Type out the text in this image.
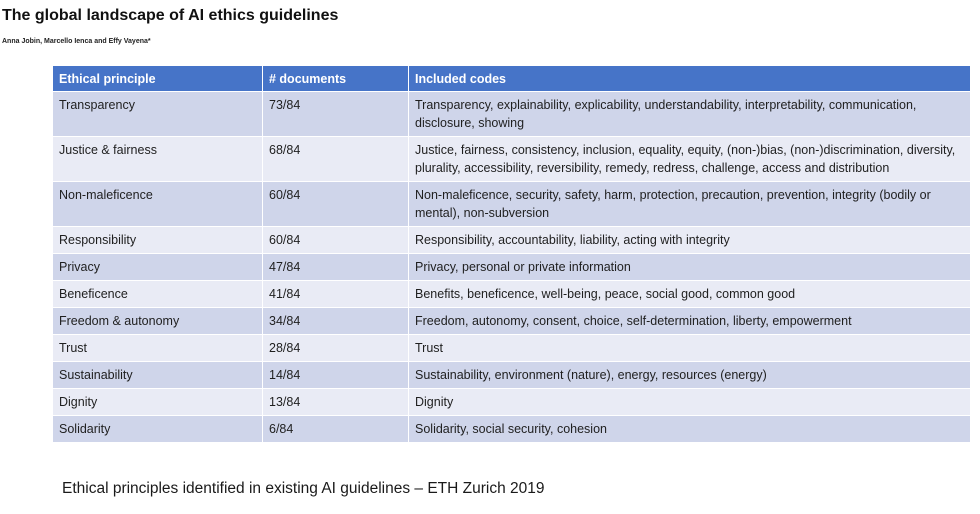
The global landscape of AI ethics guidelines
Anna Jobin, Marcello Ienca and Effy Vayena*
Ethical principle	# documents	Included codes
Transparency	73/84	Transparency, explainability, explicability, understandability, interpretability, communication, disclosure, showing
Justice & fairness	68/84	Justice, fairness, consistency, inclusion, equality, equity, (non-)bias, (non-)discrimination, diversity, plurality, accessibility, reversibility, remedy, redress, challenge, access and distribution
Non-maleficence	60/84	Non-maleficence, security, safety, harm, protection, precaution, prevention, integrity (bodily or mental), non-subversion
Responsibility	60/84	Responsibility, accountability, liability, acting with integrity
Privacy	47/84	Privacy, personal or private information
Beneficence	41/84	Benefits, beneficence, well-being, peace, social good, common good
Freedom & autonomy	34/84	Freedom, autonomy, consent, choice, self-determination, liberty, empowerment
Trust	28/84	Trust
Sustainability	14/84	Sustainability, environment (nature), energy, resources (energy)
Dignity	13/84	Dignity
Solidarity	6/84	Solidarity, social security, cohesion
Ethical principles identified in existing AI guidelines – ETH Zurich 2019
